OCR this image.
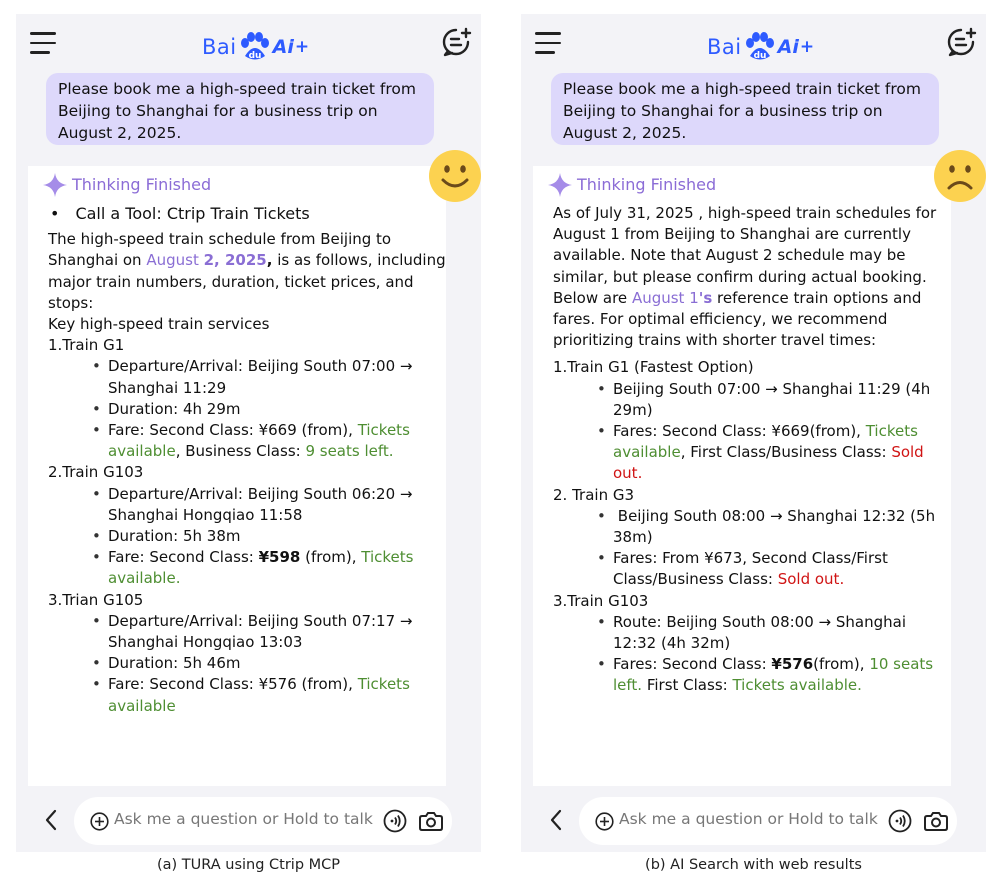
Bai du Ai +
Please book me a high-speed train ticket from Beijing to Shanghai for a business trip on August 2, 2025.
Thinking Finished
• Call a Tool: Ctrip Train Tickets
The high-speed train schedule from Beijing to Shanghai on August 2, 2025, is as follows, including major train numbers, duration, ticket prices, and stops:
Key high-speed train services
1.Train G1
• Departure/Arrival: Beijing South 07:00 → Shanghai 11:29
• Duration: 4h 29m
• Fare: Second Class: ¥669 (from), Tickets available, Business Class: 9 seats left.
2.Train G103
• Departure/Arrival: Beijing South 06:20 → Shanghai Hongqiao 11:58
• Duration: 5h 38m
• Fare: Second Class: ¥598 (from), Tickets available.
3.Trian G105
• Departure/Arrival: Beijing South 07:17 → Shanghai Hongqiao 13:03
• Duration: 5h 46m
• Fare: Second Class: ¥576 (from), Tickets available
Ask me a question or Hold to talk
(a) TURA using Ctrip MCP
Bai du Ai +
Please book me a high-speed train ticket from Beijing to Shanghai for a business trip on August 2, 2025.
Thinking Finished
As of July 31, 2025 , high-speed train schedules for August 1 from Beijing to Shanghai are currently available. Note that August 2 schedule may be similar, but please confirm during actual booking.
Below are August 1's reference train options and fares. For optimal efficiency, we recommend prioritizing trains with shorter travel times:
1.Train G1 (Fastest Option)
• Beijing South 07:00 → Shanghai 11:29 (4h 29m)
• Fares: Second Class: ¥669(from), Tickets available, First Class/Business Class: Sold out.
2. Train G3
•  Beijing South 08:00 → Shanghai 12:32 (5h 38m)
• Fares: From ¥673, Second Class/First Class/Business Class: Sold out.
3.Train G103
• Route: Beijing South 08:00 → Shanghai 12:32 (4h 32m)
• Fares: Second Class: ¥576(from), 10 seats left. First Class: Tickets available.
Ask me a question or Hold to talk
(b) AI Search with web results
